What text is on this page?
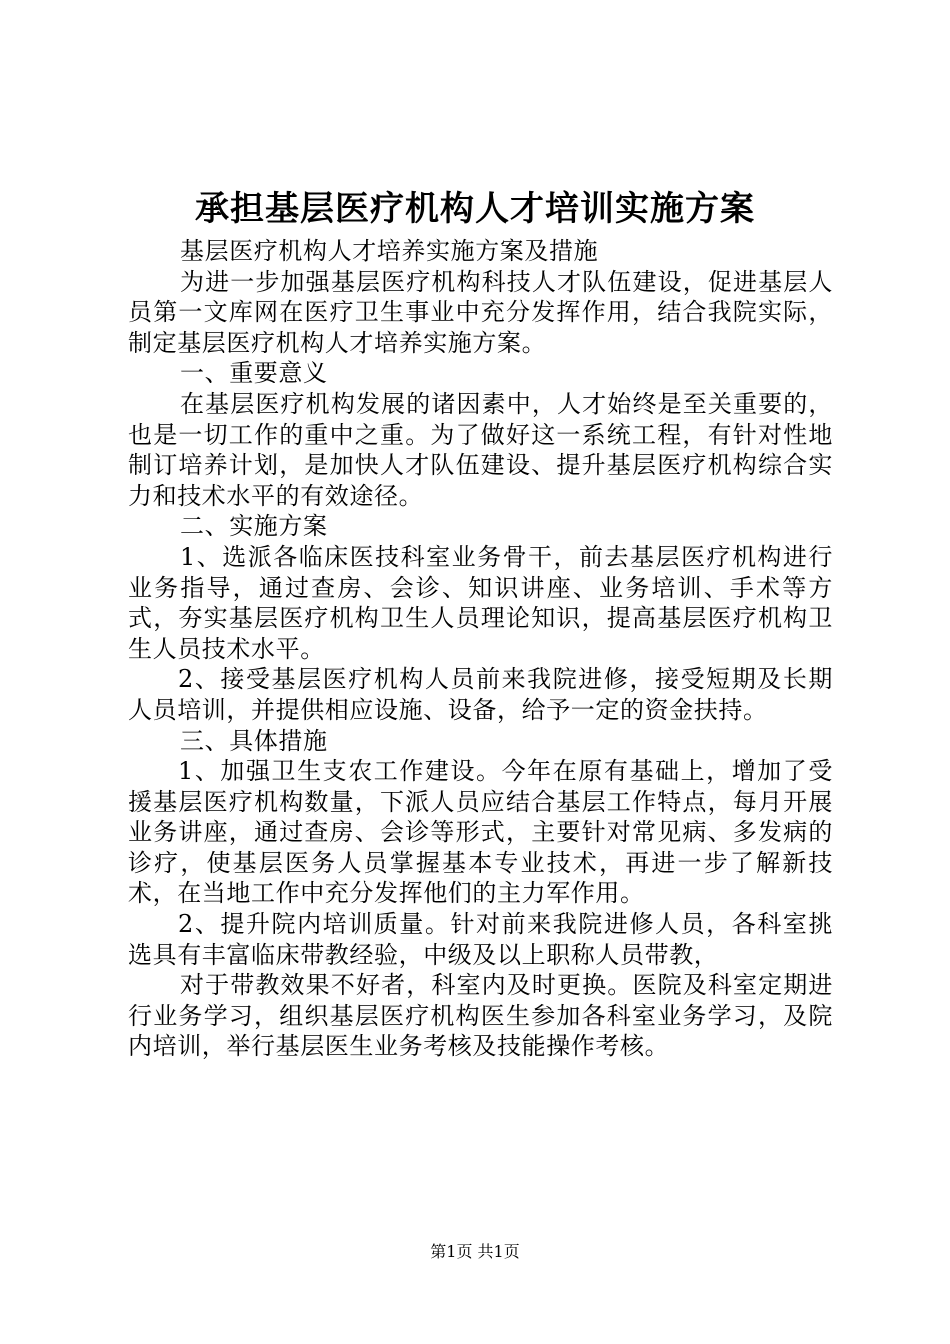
承担基层医疗机构人才培训实施方案

基层医疗机构人才培养实施方案及措施

为进一步加强基层医疗机构科技人才队伍建设，促进基层人员第一文库网在医疗卫生事业中充分发挥作用，结合我院实际，制定基层医疗机构人才培养实施方案。

一、重要意义

在基层医疗机构发展的诸因素中，人才始终是至关重要的，也是一切工作的重中之重。为了做好这一系统工程，有针对性地制订培养计划，是加快人才队伍建设、提升基层医疗机构综合实力和技术水平的有效途径。

二、实施方案

1、选派各临床医技科室业务骨干，前去基层医疗机构进行业务指导，通过查房、会诊、知识讲座、业务培训、手术等方式，夯实基层医疗机构卫生人员理论知识，提高基层医疗机构卫生人员技术水平。

2、接受基层医疗机构人员前来我院进修，接受短期及长期人员培训，并提供相应设施、设备，给予一定的资金扶持。

三、具体措施

1、加强卫生支农工作建设。今年在原有基础上，增加了受援基层医疗机构数量，下派人员应结合基层工作特点，每月开展业务讲座，通过查房、会诊等形式，主要针对常见病、多发病的诊疗，使基层医务人员掌握基本专业技术，再进一步了解新技术，在当地工作中充分发挥他们的主力军作用。

2、提升院内培训质量。针对前来我院进修人员，各科室挑选具有丰富临床带教经验，中级及以上职称人员带教，

对于带教效果不好者，科室内及时更换。医院及科室定期进行业务学习，组织基层医疗机构医生参加各科室业务学习，及院内培训，举行基层医生业务考核及技能操作考核。

第1页 共1页
